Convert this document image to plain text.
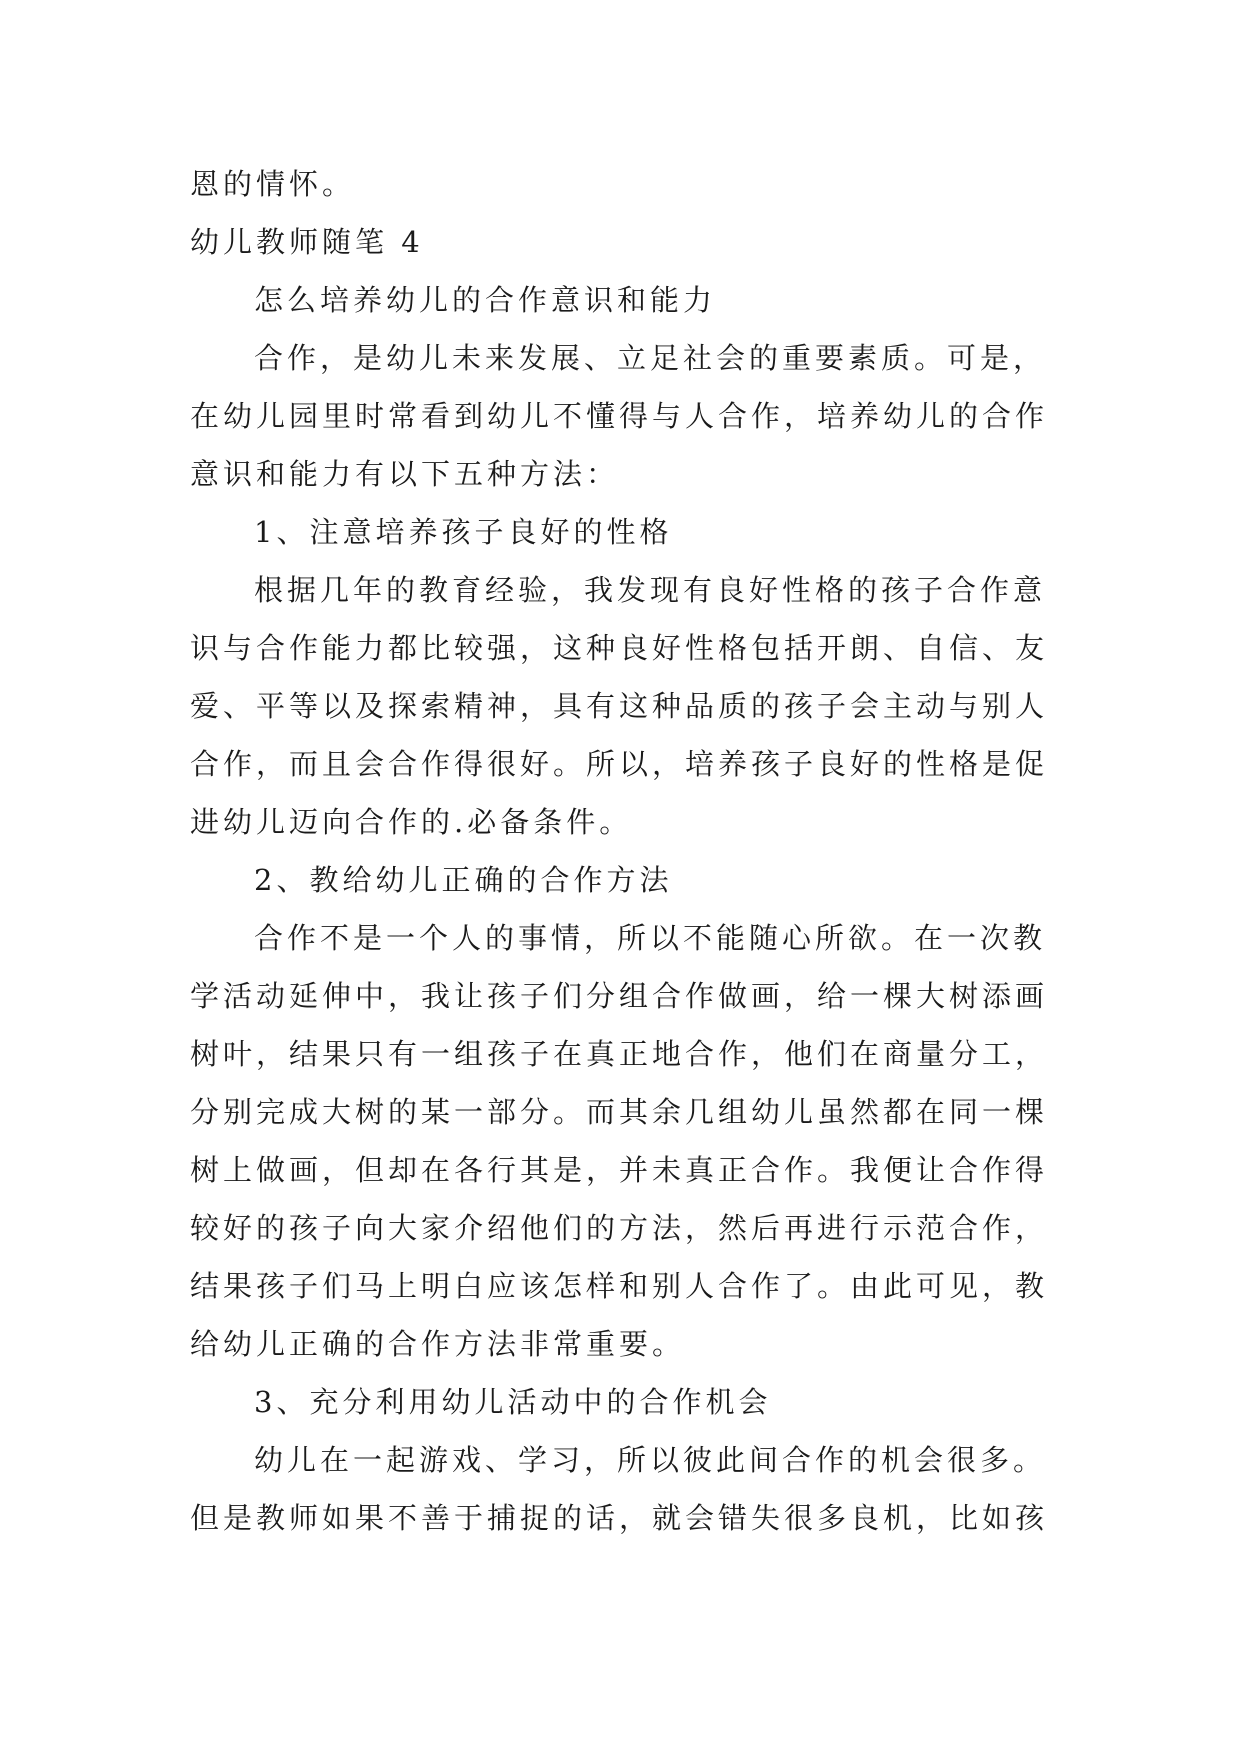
恩的情怀。
幼儿教师随笔 4
怎么培养幼儿的合作意识和能力
合作，是幼儿未来发展、立足社会的重要素质。可是，
在幼儿园里时常看到幼儿不懂得与人合作，培养幼儿的合作
意识和能力有以下五种方法：
1、注意培养孩子良好的性格
根据几年的教育经验，我发现有良好性格的孩子合作意
识与合作能力都比较强，这种良好性格包括开朗、自信、友
爱、平等以及探索精神，具有这种品质的孩子会主动与别人
合作，而且会合作得很好。所以，培养孩子良好的性格是促
进幼儿迈向合作的.必备条件。
2、教给幼儿正确的合作方法
合作不是一个人的事情，所以不能随心所欲。在一次教
学活动延伸中，我让孩子们分组合作做画，给一棵大树添画
树叶，结果只有一组孩子在真正地合作，他们在商量分工，
分别完成大树的某一部分。而其余几组幼儿虽然都在同一棵
树上做画，但却在各行其是，并未真正合作。我便让合作得
较好的孩子向大家介绍他们的方法，然后再进行示范合作，
结果孩子们马上明白应该怎样和别人合作了。由此可见，教
给幼儿正确的合作方法非常重要。
3、充分利用幼儿活动中的合作机会
幼儿在一起游戏、学习，所以彼此间合作的机会很多。
但是教师如果不善于捕捉的话，就会错失很多良机，比如孩
